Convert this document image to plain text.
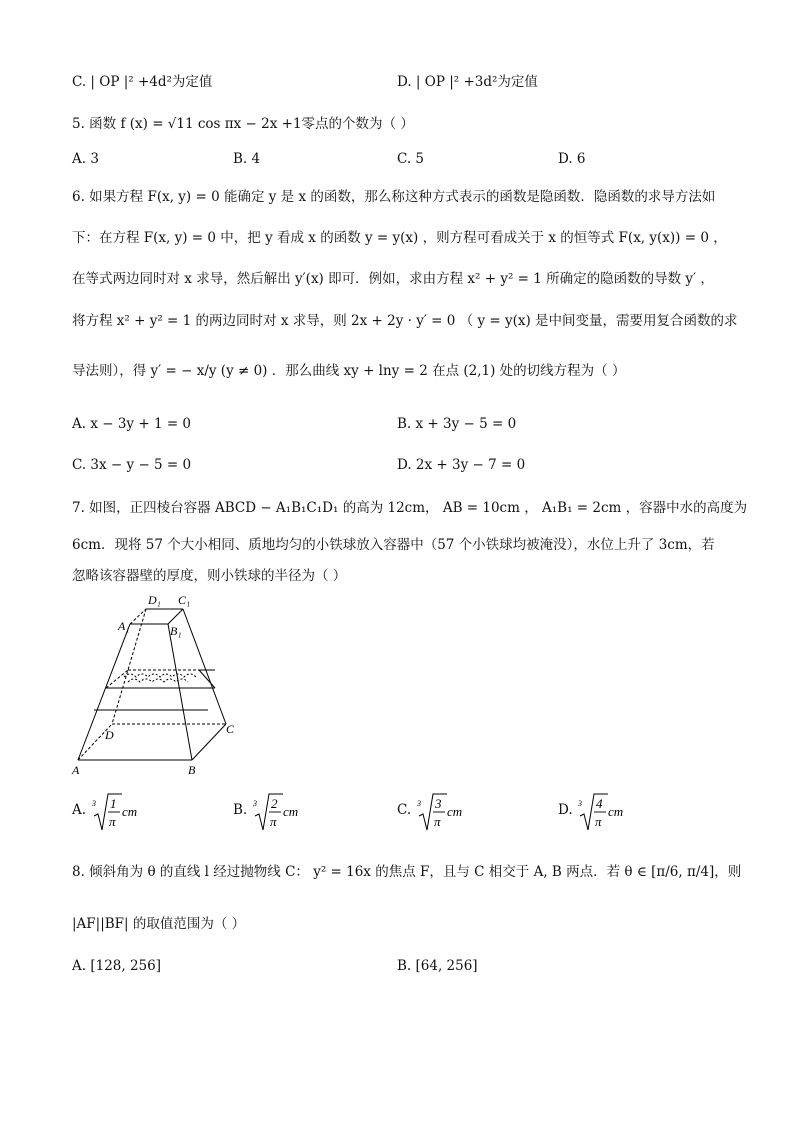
C. | OP |² +4d²为定值	D. | OP |² +3d²为定值
5. 函数 f (x) = √11 cos πx − 2x +1零点的个数为（ ）
A. 3	B. 4	C. 5	D. 6
6. 如果方程 F(x, y) = 0 能确定 y 是 x 的函数，那么称这种方式表示的函数是隐函数．隐函数的求导方法如
下：在方程 F(x, y) = 0 中，把 y 看成 x 的函数 y = y(x) ，则方程可看成关于 x 的恒等式 F(x, y(x)) = 0 ，
在等式两边同时对 x 求导，然后解出 y′(x) 即可．例如，求由方程 x² + y² = 1 所确定的隐函数的导数 y′ ，
将方程 x² + y² = 1 的两边同时对 x 求导，则 2x + 2y · y′ = 0 （ y = y(x) 是中间变量，需要用复合函数的求
导法则），得 y′ = − x/y (y ≠ 0) ．那么曲线 xy + lny = 2 在点 (2,1) 处的切线方程为（ ）
A. x − 3y + 1 = 0	B. x + 3y − 5 = 0
C. 3x − y − 5 = 0	D. 2x + 3y − 7 = 0
7. 如图，正四棱台容器 ABCD − A₁B₁C₁D₁ 的高为 12cm， AB = 10cm ， A₁B₁ = 2cm ，容器中水的高度为
6cm．现将 57 个大小相同、质地均匀的小铁球放入容器中（57 个小铁球均被淹没），水位上升了 3cm，若
忽略该容器壁的厚度，则小铁球的半径为（ ）
D₁ C₁
A₁	B₁
D	C
A	B
A. 3 1
π
cm	B. 3 2
π
cm	C. 3 3
π
cm	D. 3 4
π
cm
8. 倾斜角为 θ 的直线 l 经过抛物线 C： y² = 16x 的焦点 F，且与 C 相交于 A, B 两点．若 θ ∈ [π/6, π/4]，则
|AF||BF| 的取值范围为（ ）
A. [128, 256]	B. [64, 256]
